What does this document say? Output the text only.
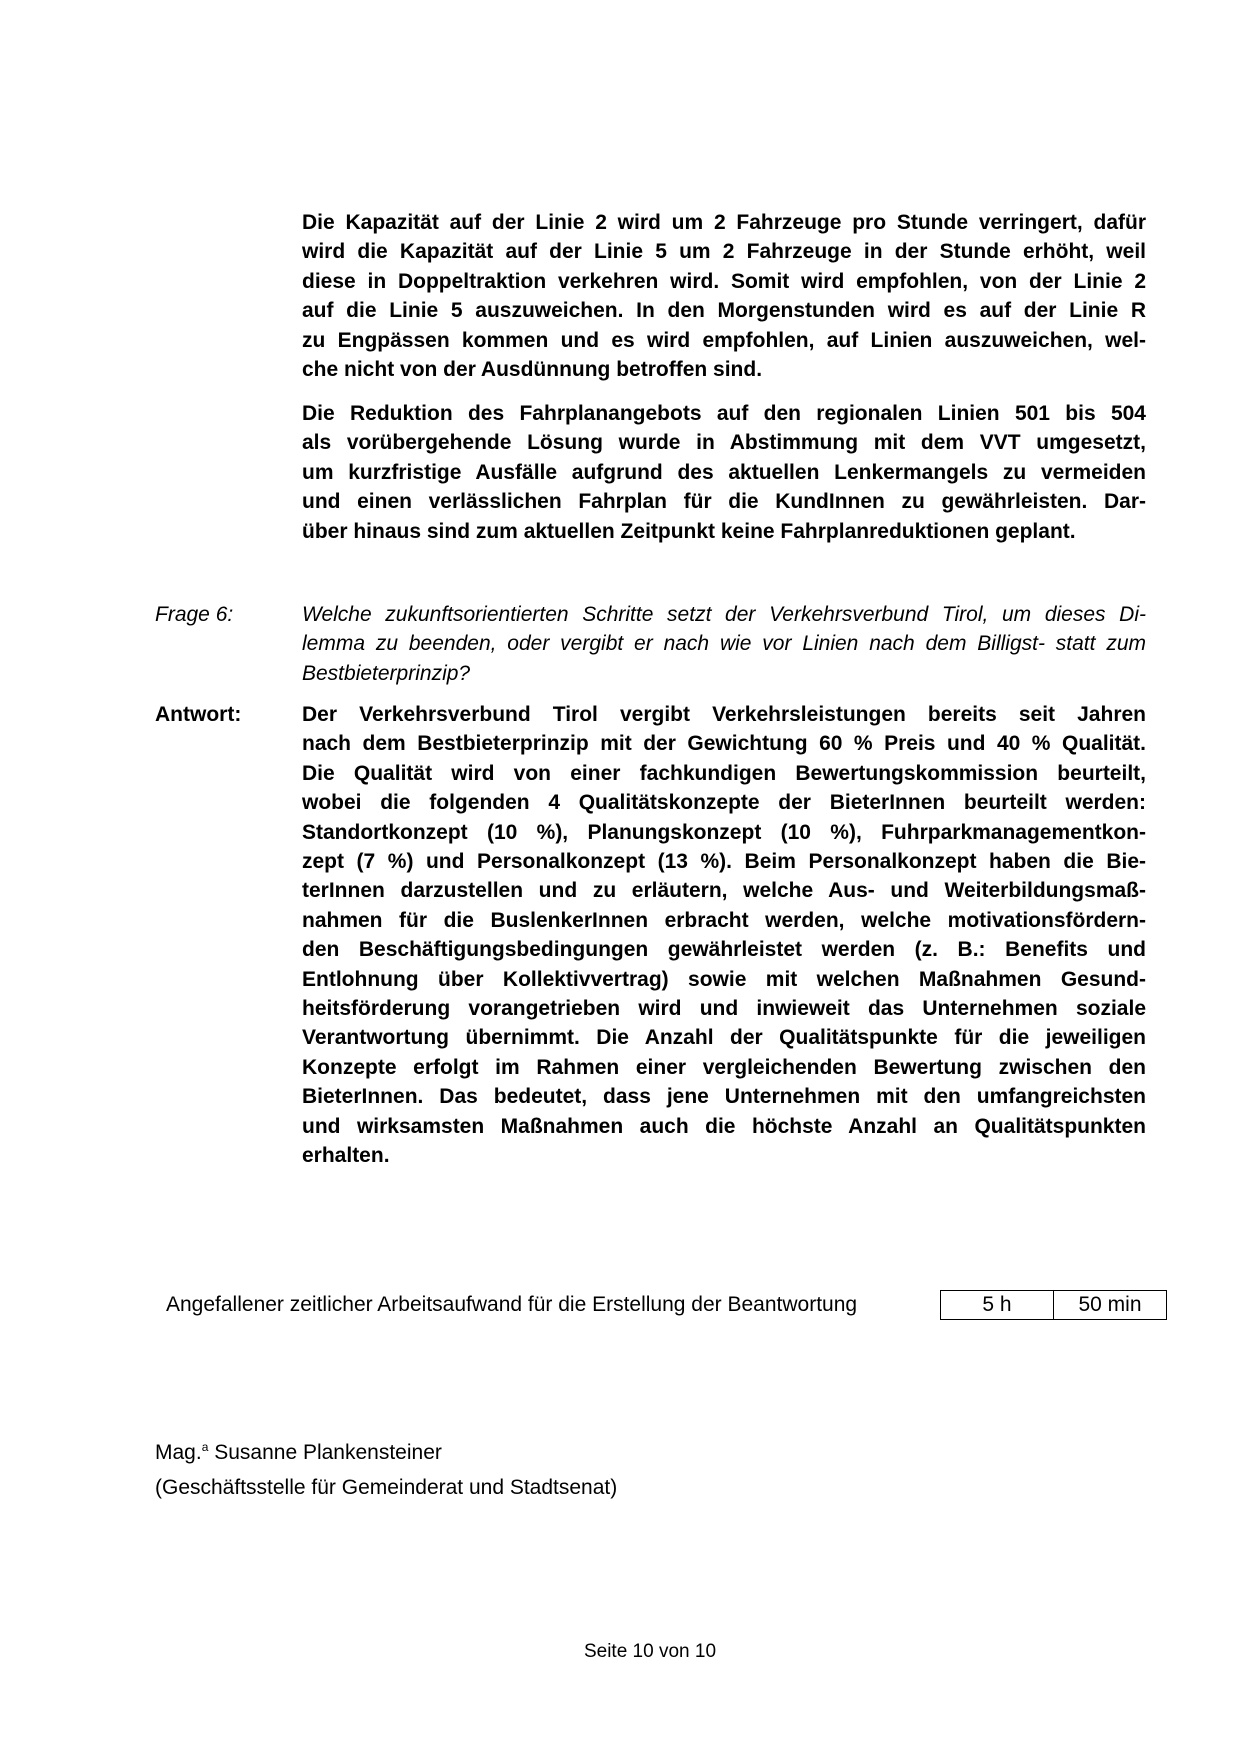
Die Kapazität auf der Linie 2 wird um 2 Fahrzeuge pro Stunde verringert, dafür
wird die Kapazität auf der Linie 5 um 2 Fahrzeuge in der Stunde erhöht, weil
diese in Doppeltraktion verkehren wird. Somit wird empfohlen, von der Linie 2
auf die Linie 5 auszuweichen. In den Morgenstunden wird es auf der Linie R
zu Engpässen kommen und es wird empfohlen, auf Linien auszuweichen, wel-
che nicht von der Ausdünnung betroffen sind.
Die Reduktion des Fahrplanangebots auf den regionalen Linien 501 bis 504
als vorübergehende Lösung wurde in Abstimmung mit dem VVT umgesetzt,
um kurzfristige Ausfälle aufgrund des aktuellen Lenkermangels zu vermeiden
und einen verlässlichen Fahrplan für die KundInnen zu gewährleisten. Dar-
über hinaus sind zum aktuellen Zeitpunkt keine Fahrplanreduktionen geplant.
Frage 6:	Welche zukunftsorientierten Schritte setzt der Verkehrsverbund Tirol, um dieses Di-
lemma zu beenden, oder vergibt er nach wie vor Linien nach dem Billigst- statt zum
Bestbieterprinzip?
Antwort:	Der Verkehrsverbund Tirol vergibt Verkehrsleistungen bereits seit Jahren
nach dem Bestbieterprinzip mit der Gewichtung 60 % Preis und 40 % Qualität.
Die Qualität wird von einer fachkundigen Bewertungskommission beurteilt,
wobei die folgenden 4 Qualitätskonzepte der BieterInnen beurteilt werden:
Standortkonzept (10 %), Planungskonzept (10 %), Fuhrparkmanagementkon-
zept (7 %) und Personalkonzept (13 %). Beim Personalkonzept haben die Bie-
terInnen darzustellen und zu erläutern, welche Aus- und Weiterbildungsmaß-
nahmen für die BuslenkerInnen erbracht werden, welche motivationsfördern-
den Beschäftigungsbedingungen gewährleistet werden (z. B.: Benefits und
Entlohnung über Kollektivvertrag) sowie mit welchen Maßnahmen Gesund-
heitsförderung vorangetrieben wird und inwieweit das Unternehmen soziale
Verantwortung übernimmt. Die Anzahl der Qualitätspunkte für die jeweiligen
Konzepte erfolgt im Rahmen einer vergleichenden Bewertung zwischen den
BieterInnen. Das bedeutet, dass jene Unternehmen mit den umfangreichsten
und wirksamsten Maßnahmen auch die höchste Anzahl an Qualitätspunkten
erhalten.
Angefallener zeitlicher Arbeitsaufwand für die Erstellung der Beantwortung	5 h	50 min
Mag.$^a$ Susanne Plankensteiner
(Geschäftsstelle für Gemeinderat und Stadtsenat)
Seite 10 von 10
